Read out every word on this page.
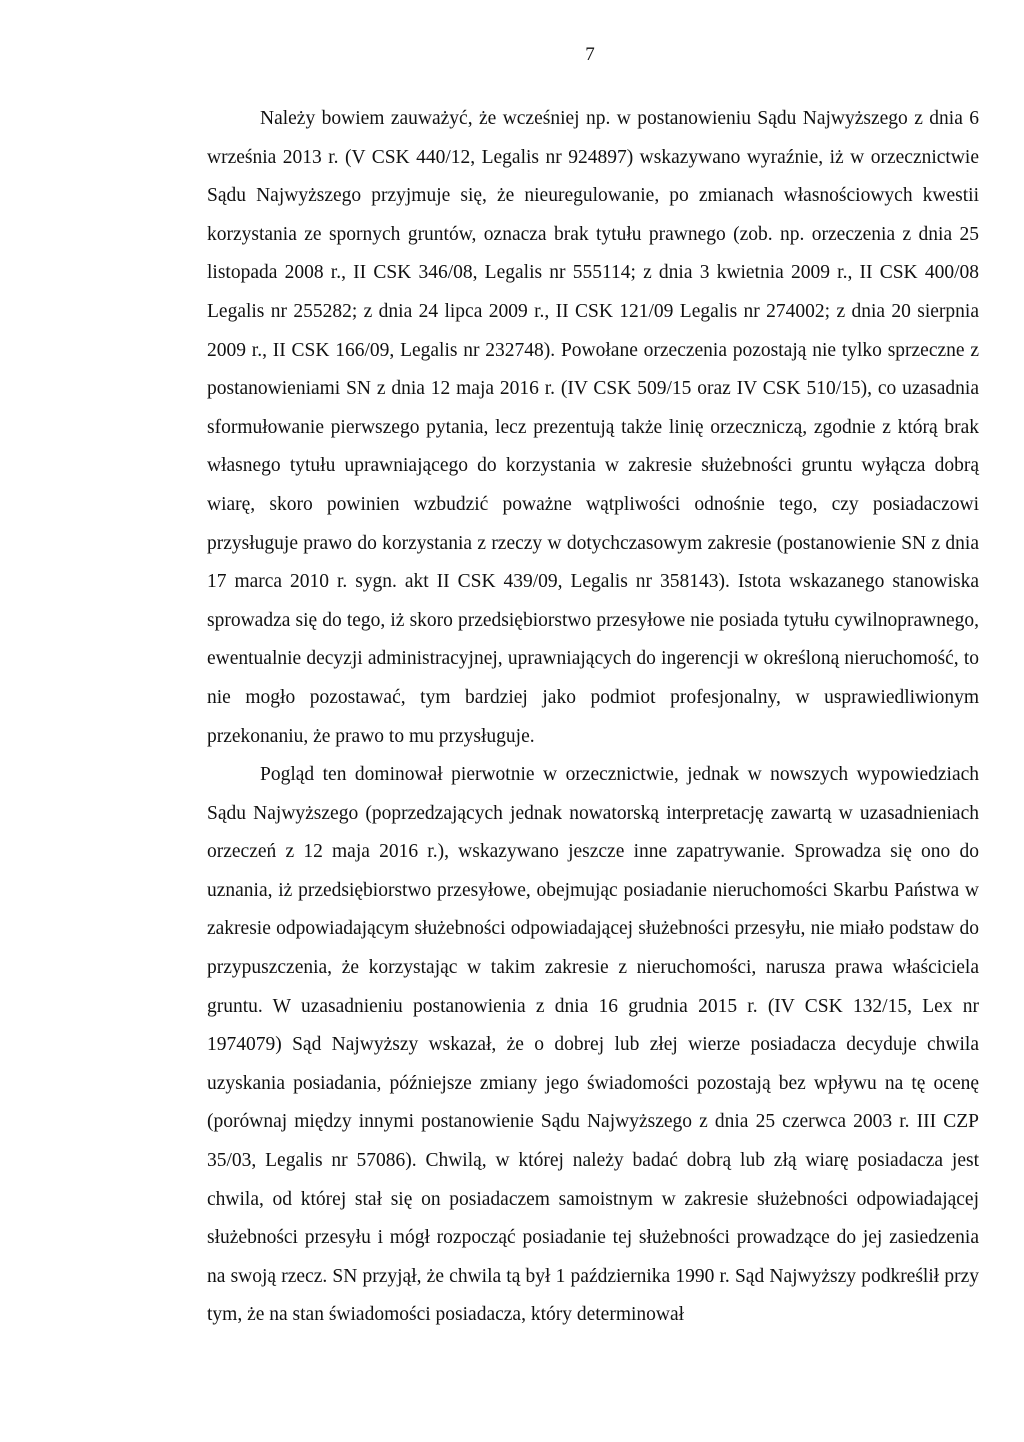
7

Należy bowiem zauważyć, że wcześniej np. w postanowieniu Sądu Najwyższego z dnia 6 września 2013 r. (V CSK 440/12, Legalis nr 924897) wskazywano wyraźnie, iż w orzecznictwie Sądu Najwyższego przyjmuje się, że nieuregulowanie, po zmianach własnościowych kwestii korzystania ze spornych gruntów, oznacza brak tytułu prawnego (zob. np. orzeczenia z dnia 25 listopada 2008 r., II CSK 346/08, Legalis nr 555114; z dnia 3 kwietnia 2009 r., II CSK 400/08 Legalis nr 255282; z dnia 24 lipca 2009 r., II CSK 121/09 Legalis nr 274002; z dnia 20 sierpnia 2009 r., II CSK 166/09, Legalis nr 232748). Powołane orzeczenia pozostają nie tylko sprzeczne z postanowieniami SN z dnia 12 maja 2016 r. (IV CSK 509/15 oraz IV CSK 510/15), co uzasadnia sformułowanie pierwszego pytania, lecz prezentują także linię orzeczniczą, zgodnie z którą brak własnego tytułu uprawniającego do korzystania w zakresie służebności gruntu wyłącza dobrą wiarę, skoro powinien wzbudzić poważne wątpliwości odnośnie tego, czy posiadaczowi przysługuje prawo do korzystania z rzeczy w dotychczasowym zakresie (postanowienie SN z dnia 17 marca 2010 r. sygn. akt II CSK 439/09, Legalis nr 358143). Istota wskazanego stanowiska sprowadza się do tego, iż skoro przedsiębiorstwo przesyłowe nie posiada tytułu cywilnoprawnego, ewentualnie decyzji administracyjnej, uprawniających do ingerencji w określoną nieruchomość, to nie mogło pozostawać, tym bardziej jako podmiot profesjonalny, w usprawiedliwionym przekonaniu, że prawo to mu przysługuje.

Pogląd ten dominował pierwotnie w orzecznictwie, jednak w nowszych wypowiedziach Sądu Najwyższego (poprzedzających jednak nowatorską interpretację zawartą w uzasadnieniach orzeczeń z 12 maja 2016 r.), wskazywano jeszcze inne zapatrywanie. Sprowadza się ono do uznania, iż przedsiębiorstwo przesyłowe, obejmując posiadanie nieruchomości Skarbu Państwa w zakresie odpowiadającym służebności odpowiadającej służebności przesyłu, nie miało podstaw do przypuszczenia, że korzystając w takim zakresie z nieruchomości, narusza prawa właściciela gruntu. W uzasadnieniu postanowienia z dnia 16 grudnia 2015 r. (IV CSK 132/15, Lex nr 1974079) Sąd Najwyższy wskazał, że o dobrej lub złej wierze posiadacza decyduje chwila uzyskania posiadania, późniejsze zmiany jego świadomości pozostają bez wpływu na tę ocenę (porównaj między innymi postanowienie Sądu Najwyższego z dnia 25 czerwca 2003 r. III CZP 35/03, Legalis nr 57086). Chwilą, w której należy badać dobrą lub złą wiarę posiadacza jest chwila, od której stał się on posiadaczem samoistnym w zakresie służebności odpowiadającej służebności przesyłu i mógł rozpocząć posiadanie tej służebności prowadzące do jej zasiedzenia na swoją rzecz. SN przyjął, że chwila tą był 1 października 1990 r. Sąd Najwyższy podkreślił przy tym, że na stan świadomości posiadacza, który determinował
